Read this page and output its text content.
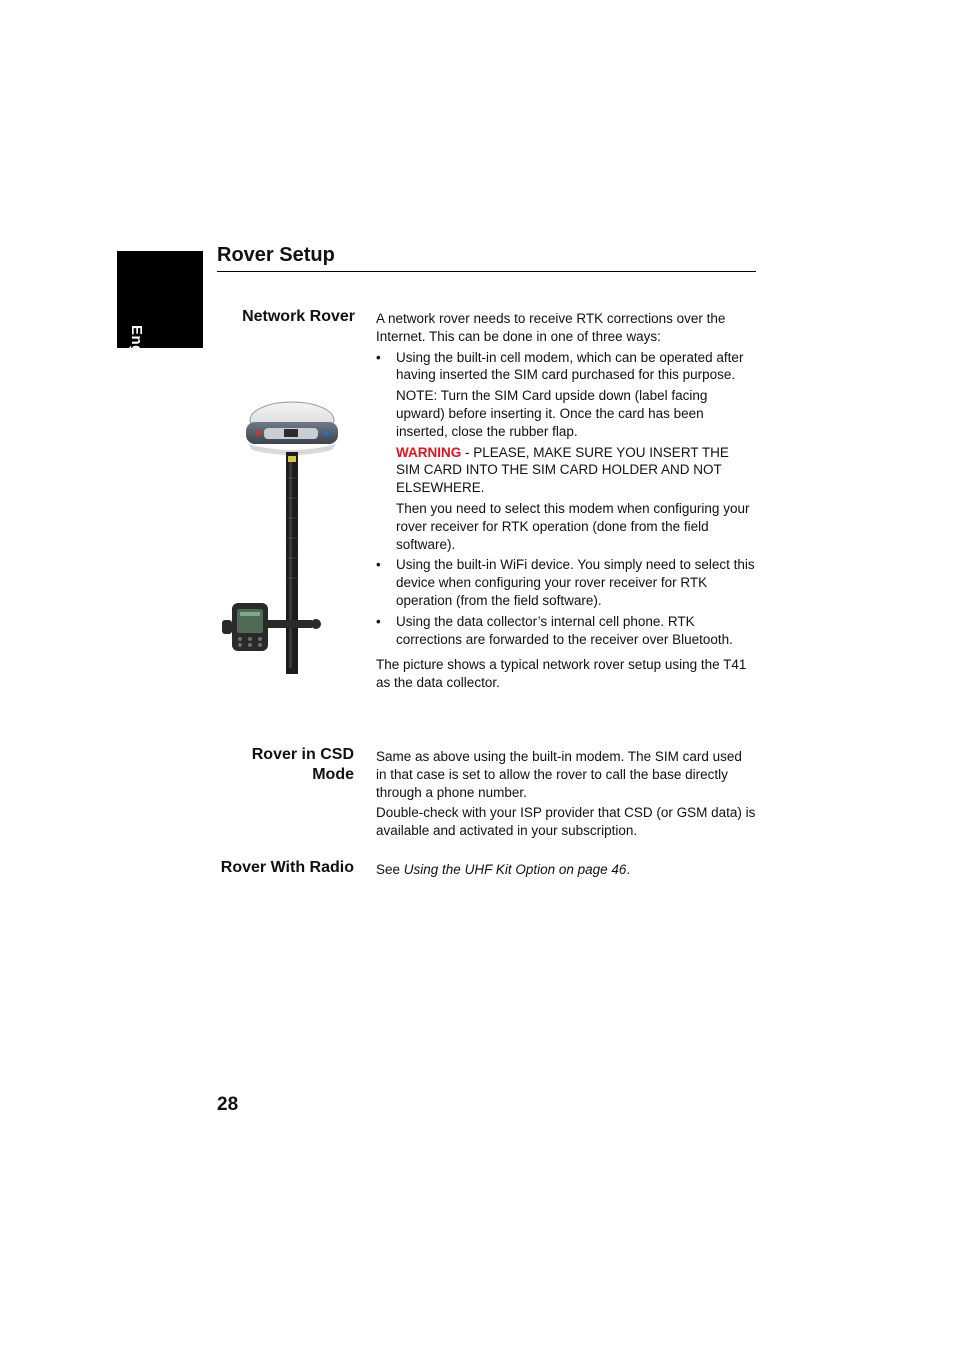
English
Rover Setup
Network Rover A network rover needs to receive RTK corrections over the Internet. This can be done in one of three ways:

• Using the built-in cell modem, which can be operated after having inserted the SIM card purchased for this purpose.

NOTE: Turn the SIM Card upside down (label facing upward) before inserting it. Once the card has been inserted, close the rubber flap.

WARNING - PLEASE, MAKE SURE YOU INSERT THE SIM CARD INTO THE SIM CARD HOLDER AND NOT ELSEWHERE.

Then you need to select this modem when configuring your rover receiver for RTK operation (done from the field software).

• Using the built-in WiFi device. You simply need to select this device when configuring your rover receiver for RTK operation (from the field software).
• Using the data collector’s internal cell phone. RTK corrections are forwarded to the receiver over Bluetooth.

The picture shows a typical network rover setup using the T41 as the data collector.

Rover in CSD Mode

Same as above using the built-in modem. The SIM card used in that case is set to allow the rover to call the base directly through a phone number.

Double-check with your ISP provider that CSD (or GSM data) is available and activated in your subscription.

Rover With Radio See Using the UHF Kit Option on page 46.

28
